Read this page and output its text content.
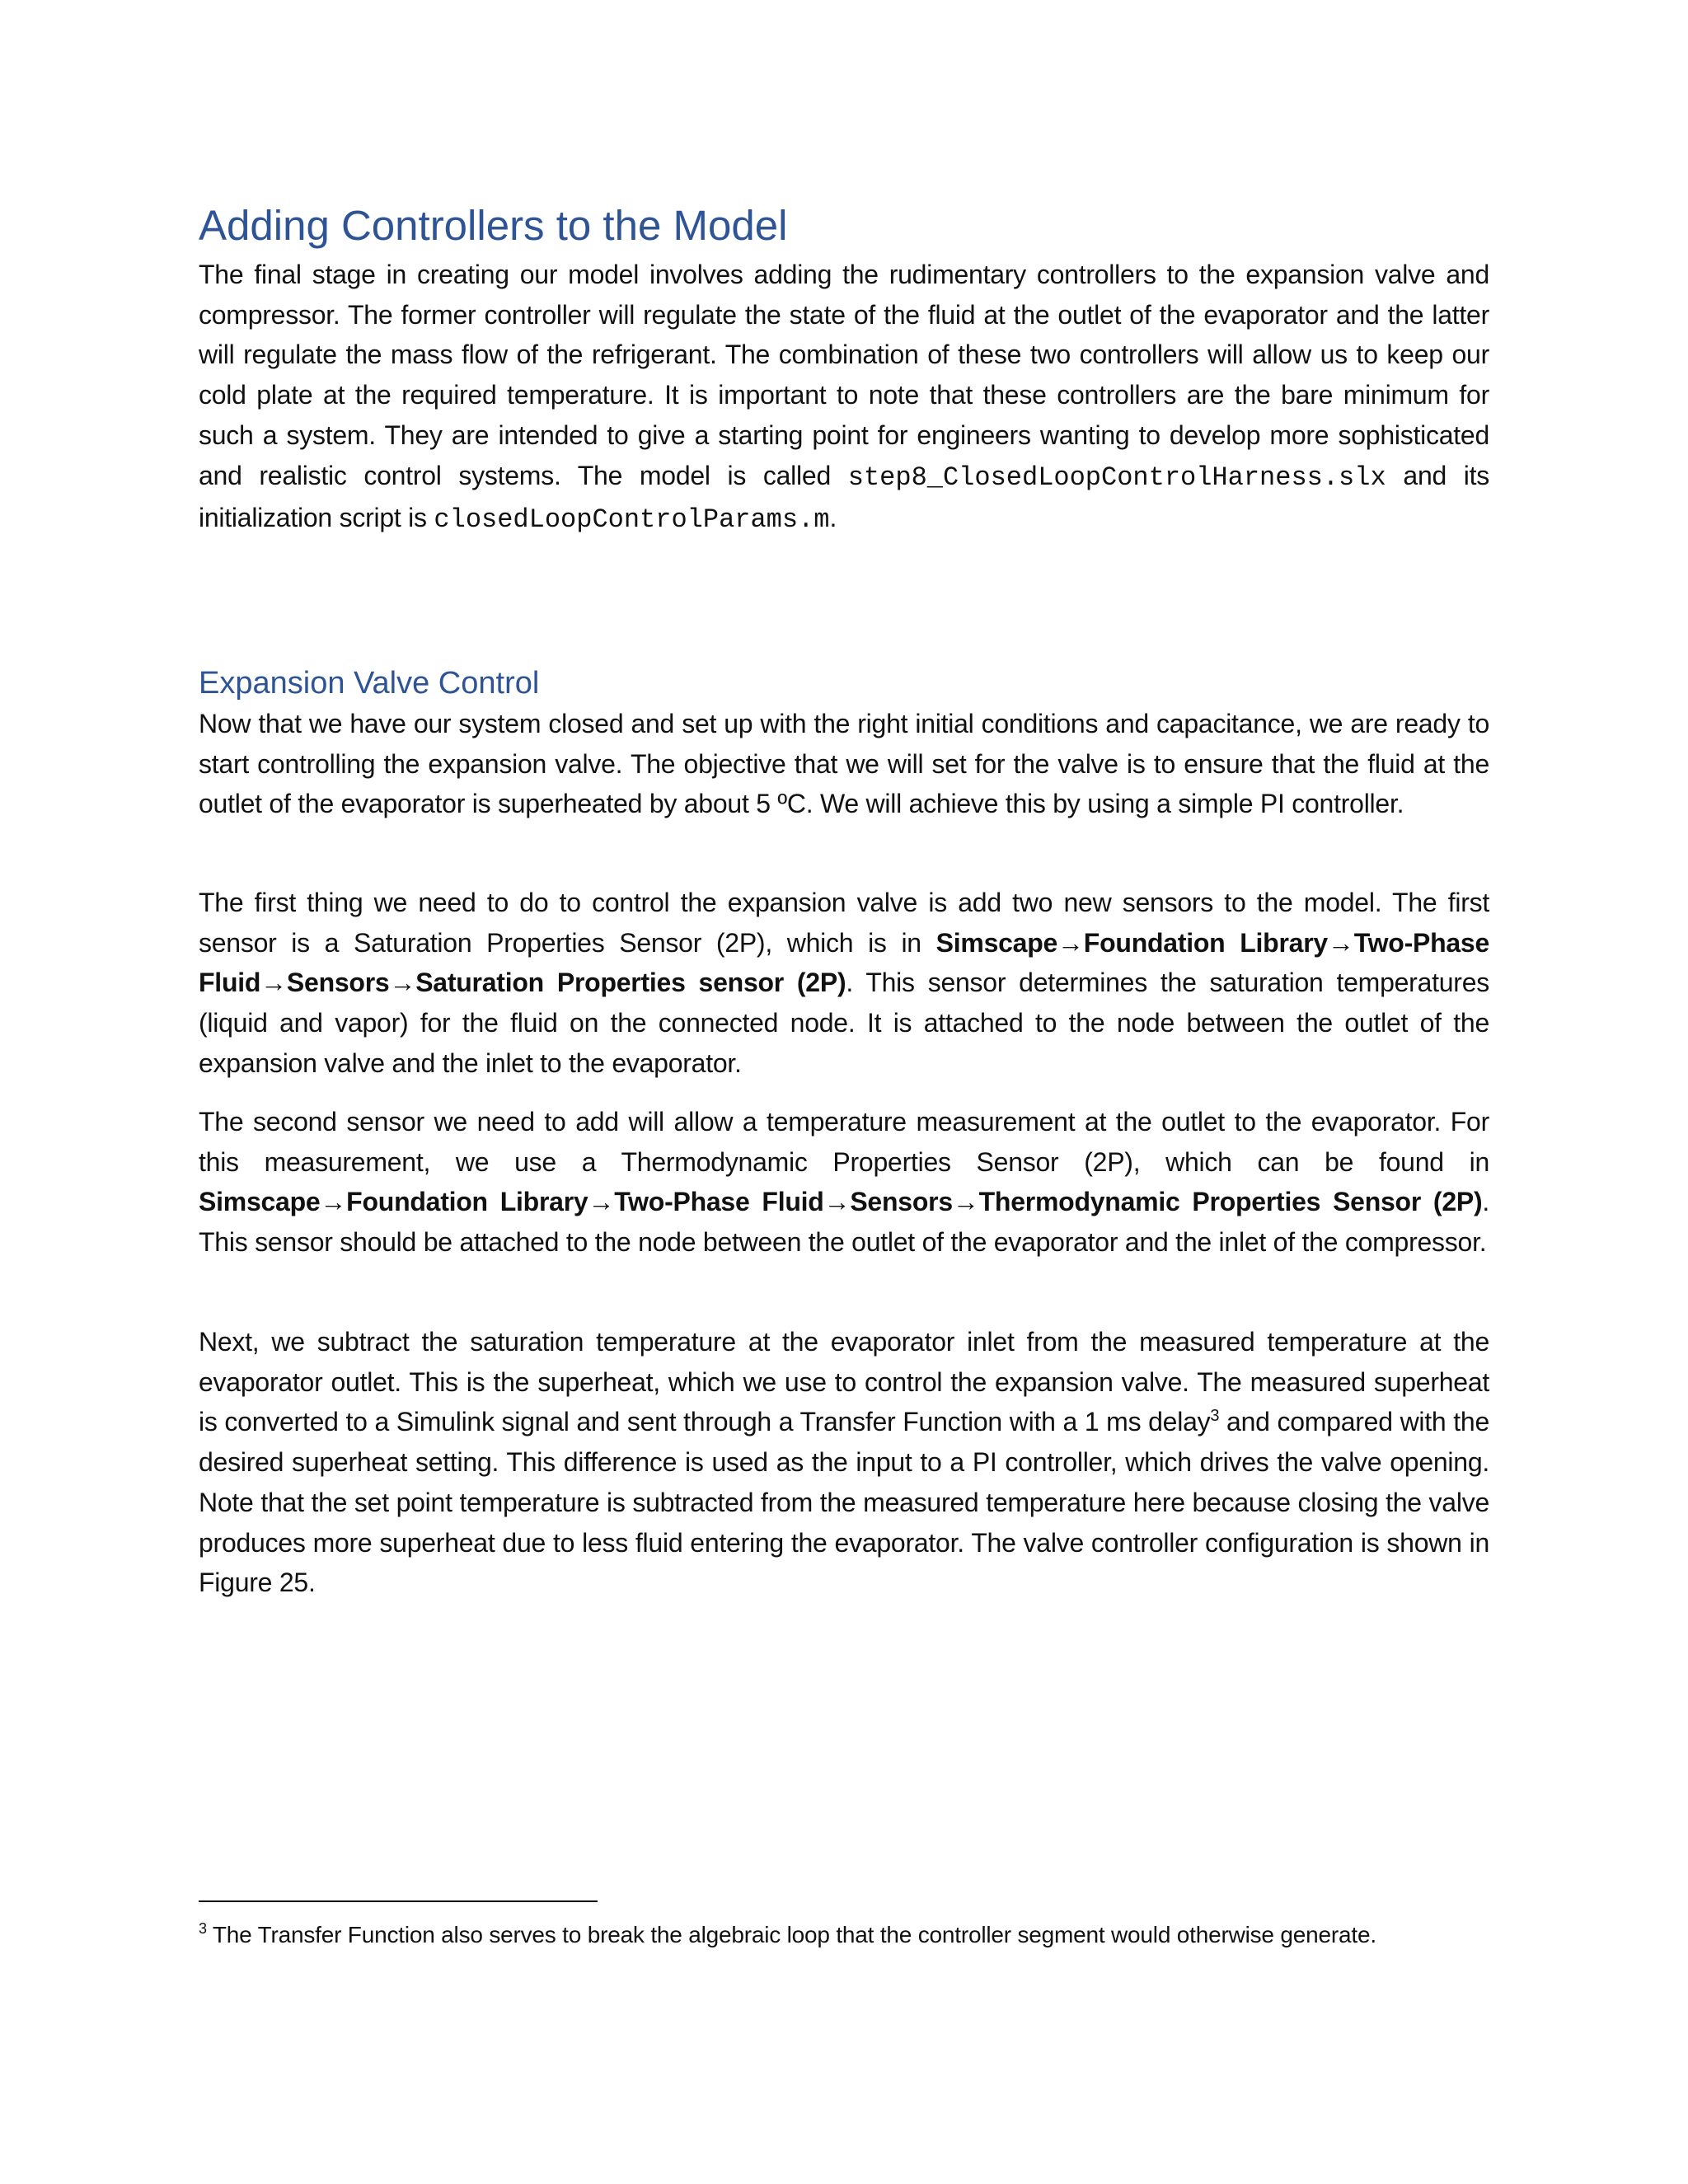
Adding Controllers to the Model

The final stage in creating our model involves adding the rudimentary controllers to the expansion valve and compressor. The former controller will regulate the state of the fluid at the outlet of the evaporator and the latter will regulate the mass flow of the refrigerant. The combination of these two controllers will allow us to keep our cold plate at the required temperature. It is important to note that these controllers are the bare minimum for such a system. They are intended to give a starting point for engineers wanting to develop more sophisticated and realistic control systems. The model is called step8_ClosedLoopControlHarness.slx and its initialization script is closedLoopControlParams.m.

Expansion Valve Control

Now that we have our system closed and set up with the right initial conditions and capacitance, we are ready to start controlling the expansion valve. The objective that we will set for the valve is to ensure that the fluid at the outlet of the evaporator is superheated by about 5 ºC. We will achieve this by using a simple PI controller.

The first thing we need to do to control the expansion valve is add two new sensors to the model. The first sensor is a Saturation Properties Sensor (2P), which is in Simscape→Foundation Library→Two-Phase Fluid→Sensors→Saturation Properties sensor (2P). This sensor determines the saturation temperatures (liquid and vapor) for the fluid on the connected node. It is attached to the node between the outlet of the expansion valve and the inlet to the evaporator.

The second sensor we need to add will allow a temperature measurement at the outlet to the evaporator. For this measurement, we use a Thermodynamic Properties Sensor (2P), which can be found in Simscape→Foundation Library→Two-Phase Fluid→Sensors→Thermodynamic Properties Sensor (2P). This sensor should be attached to the node between the outlet of the evaporator and the inlet of the compressor.

Next, we subtract the saturation temperature at the evaporator inlet from the measured temperature at the evaporator outlet. This is the superheat, which we use to control the expansion valve. The measured superheat is converted to a Simulink signal and sent through a Transfer Function with a 1 ms delay$^3$ and compared with the desired superheat setting. This difference is used as the input to a PI controller, which drives the valve opening. Note that the set point temperature is subtracted from the measured temperature here because closing the valve produces more superheat due to less fluid entering the evaporator. The valve controller configuration is shown in Figure 25.

$^3$ The Transfer Function also serves to break the algebraic loop that the controller segment would otherwise generate.
